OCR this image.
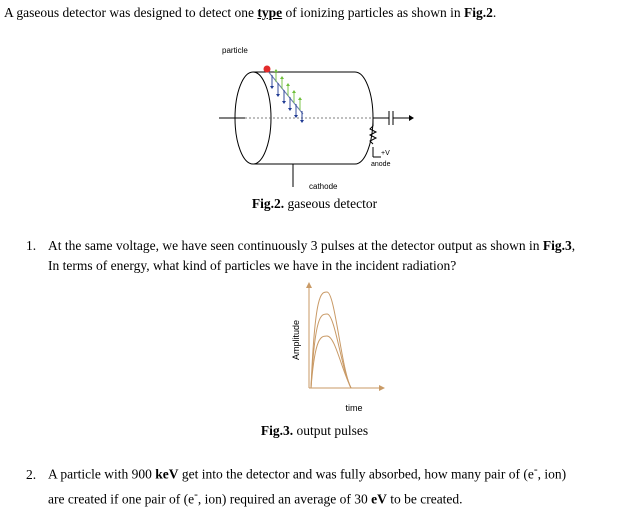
A gaseous detector was designed to detect one type of ionizing particles as shown in Fig.2.
particle
+V
anode
cathode
Fig.2. gaseous detector
1. At the same voltage, we have seen continuously 3 pulses at the detector output as shown in Fig.3,
In terms of energy, what kind of particles we have in the incident radiation?
Amplitude
time
Fig.3. output pulses
2. A particle with 900 keV get into the detector and was fully absorbed, how many pair of (e-, ion)
are created if one pair of (e-, ion) required an average of 30 eV to be created.
